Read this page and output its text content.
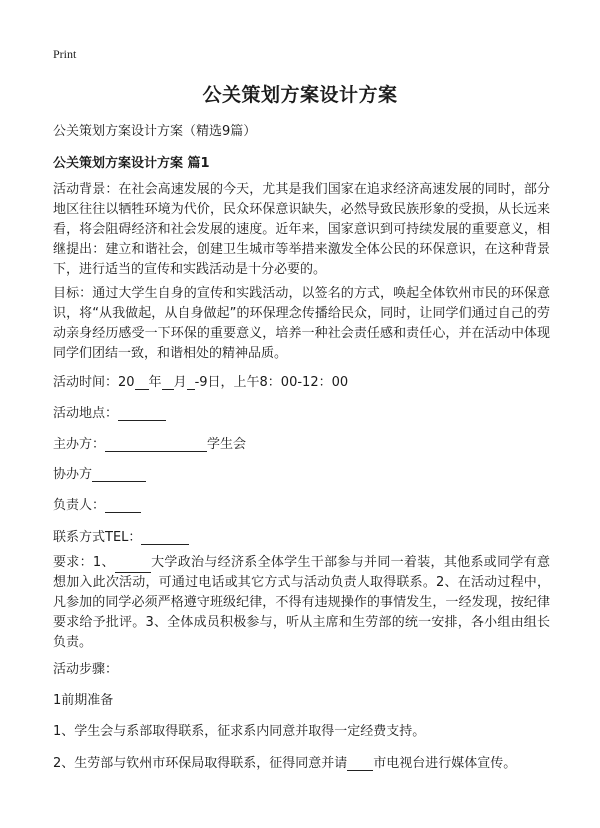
Print
公关策划方案设计方案
公关策划方案设计方案（精选9篇）
公关策划方案设计方案 篇1

活动背景：在社会高速发展的今天，尤其是我们国家在追求经济高速发展的同时，部分地区往往以牺牲环境为代价，民众环保意识缺失，必然导致民族形象的受损，从长远来看，将会阻碍经济和社会发展的速度。近年来，国家意识到可持续发展的重要意义，相继提出：建立和谐社会，创建卫生城市等举措来激发全体公民的环保意识，在这种背景下，进行适当的宣传和实践活动是十分必要的。

目标：通过大学生自身的宣传和实践活动，以签名的方式，唤起全体钦州市民的环保意识，将“从我做起，从自身做起”的环保理念传播给民众，同时，让同学们通过自己的劳动亲身经历感受一下环保的重要意义，培养一种社会责任感和责任心，并在活动中体现同学们团结一致，和谐相处的精神品质。

活动时间：20 年 月 -9日，上午8：00-12：00
活动地点：
主办方：	学生会
协办方
负责人：
联系方式TEL：

要求：1、	大学政治与经济系全体学生干部参与并同一着装，其他系或同学有意想加入此次活动，可通过电话或其它方式与活动负责人取得联系。2、在活动过程中，凡参加的同学必须严格遵守班级纪律，不得有违规操作的事情发生，一经发现，按纪律要求给予批评。3、全体成员积极参与，听从主席和生劳部的统一安排，各小组由组长负责。

活动步骤：
1前期准备
1、学生会与系部取得联系，征求系内同意并取得一定经费支持。
2、生劳部与钦州市环保局取得联系，征得同意并请 市电视台进行媒体宣传。
